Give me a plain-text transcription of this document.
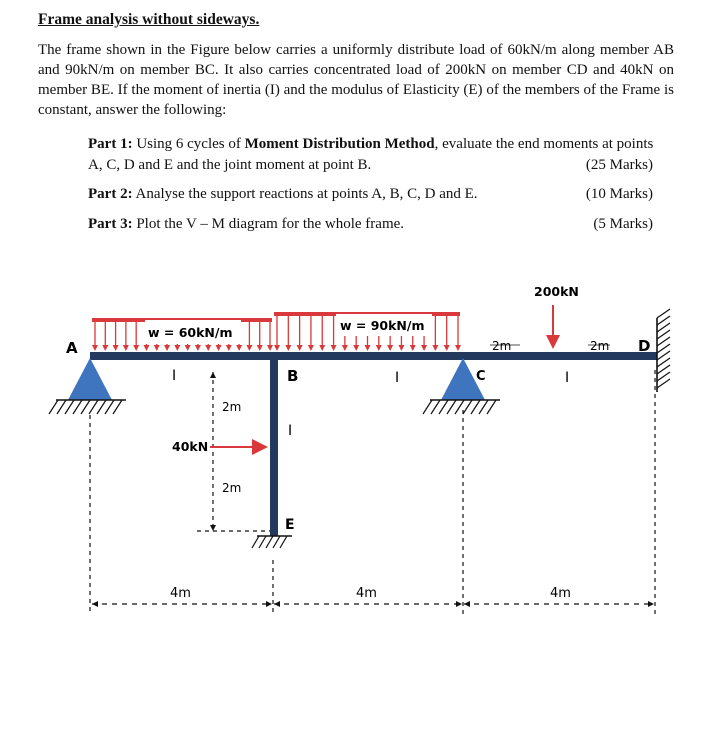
Frame analysis without sideways.

The frame shown in the Figure below carries a uniformly distribute load of 60kN/m along member AB and 90kN/m on member BC. It also carries concentrated load of 200kN on member CD and 40kN on member BE. If the moment of inertia (I) and the modulus of Elasticity (E) of the members of the Frame is constant, answer the following:

Part 1: Using 6 cycles of Moment Distribution Method, evaluate the end moments at points A, C, D and E and the joint moment at point B.	(25 Marks)
Part 2: Analyse the support reactions at points A, B, C, D and E.	(10 Marks)
Part 3: Plot the V – M diagram for the whole frame.	(5 Marks)
I	I	I
I
A
B	C
D
E
w = 60kN/m	w = 90kN/m
200kN
40kN
4m	4m	4m
2m	2m
2m
2m
